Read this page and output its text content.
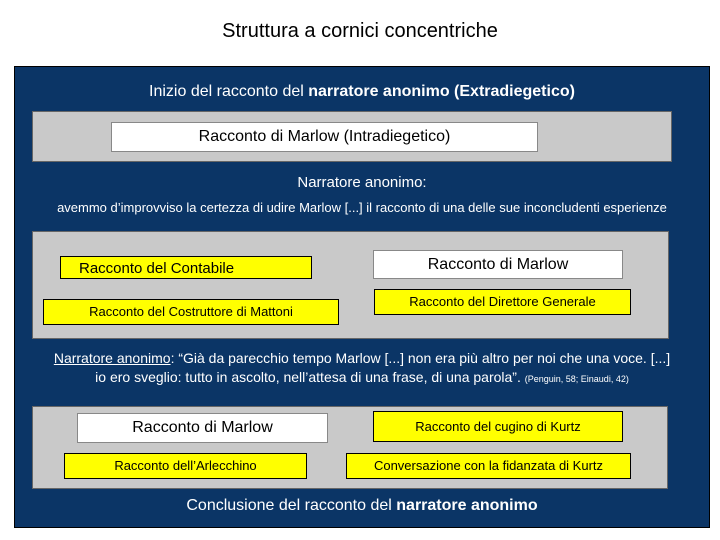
Struttura a cornici concentriche
Inizio del racconto del narratore anonimo (Extradiegetico)
Racconto di Marlow (Intradiegetico)
Narratore anonimo:
avemmo d’improvviso la certezza di udire Marlow [...] il racconto di una delle sue inconcludenti esperienze
Racconto del Contabile
Racconto del Costruttore di Mattoni
Racconto di Marlow
Racconto del Direttore Generale
Narratore anonimo: “Già da parecchio tempo Marlow [...] non era più altro per noi che una voce. [...]
io ero sveglio: tutto in ascolto, nell’attesa di una frase, di una parola”. (Penguin, 58; Einaudi, 42)
Racconto di Marlow
Racconto dell’Arlecchino
Racconto del cugino di Kurtz
Conversazione con la fidanzata di Kurtz
Conclusione del racconto del narratore anonimo
